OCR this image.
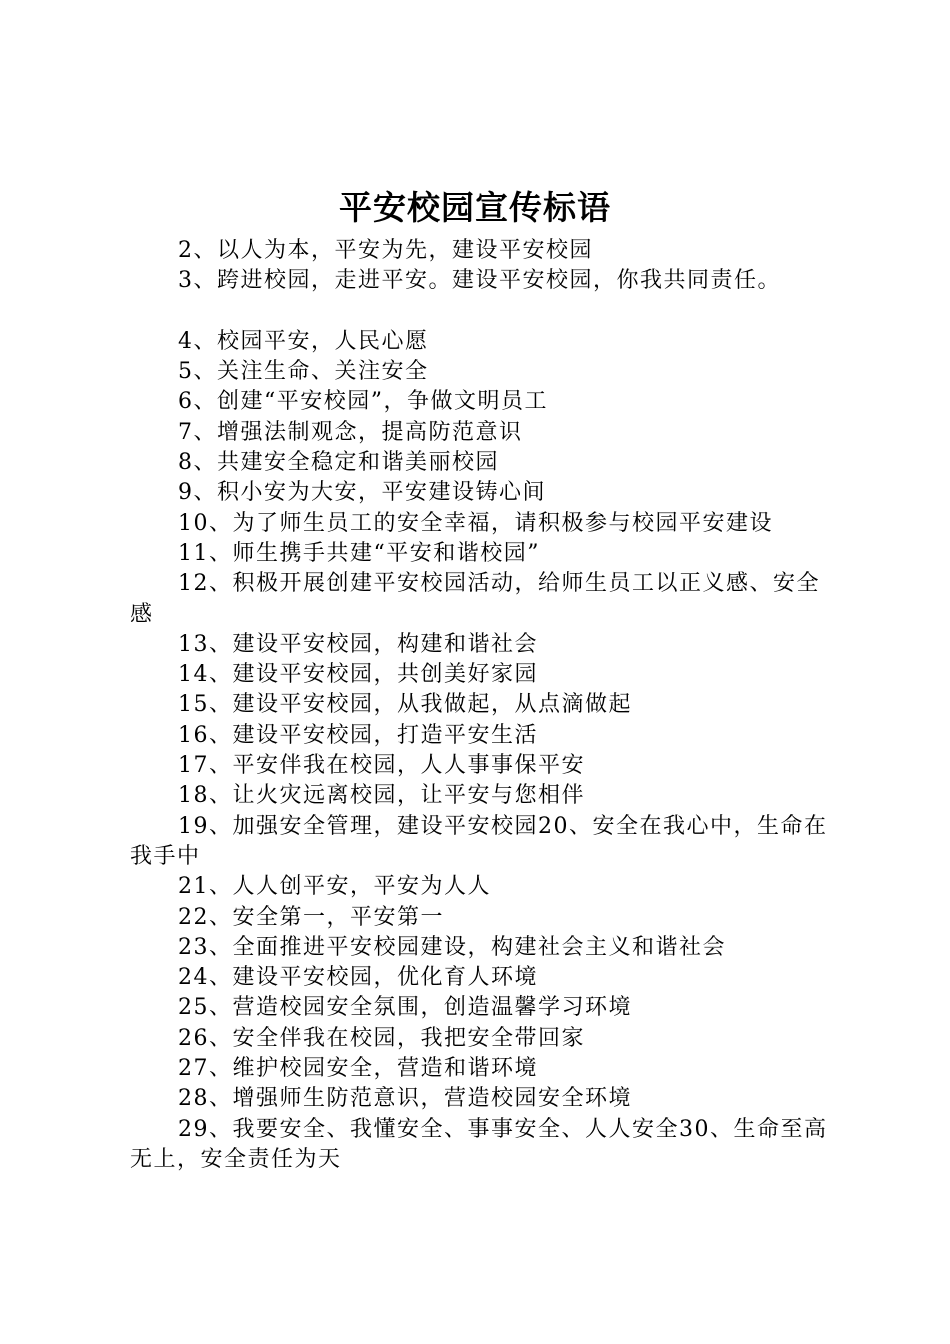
平安校园宣传标语

2、以人为本，平安为先，建设平安校园

3、跨进校园，走进平安。建设平安校园，你我共同责任。

4、校园平安，人民心愿

5、关注生命、关注安全

6、创建“平安校园”，争做文明员工

7、增强法制观念，提高防范意识

8、共建安全稳定和谐美丽校园

9、积小安为大安，平安建设铸心间

10、为了师生员工的安全幸福，请积极参与校园平安建设

11、师生携手共建“平安和谐校园”

12、积极开展创建平安校园活动，给师生员工以正义感、安全感

13、建设平安校园，构建和谐社会

14、建设平安校园，共创美好家园

15、建设平安校园，从我做起，从点滴做起

16、建设平安校园，打造平安生活

17、平安伴我在校园，人人事事保平安

18、让火灾远离校园，让平安与您相伴

19、加强安全管理，建设平安校园20、安全在我心中，生命在我手中

21、人人创平安，平安为人人

22、安全第一，平安第一

23、全面推进平安校园建设，构建社会主义和谐社会

24、建设平安校园，优化育人环境

25、营造校园安全氛围，创造温馨学习环境

26、安全伴我在校园，我把安全带回家

27、维护校园安全，营造和谐环境

28、增强师生防范意识，营造校园安全环境

29、我要安全、我懂安全、事事安全、人人安全30、生命至高无上，安全责任为天
